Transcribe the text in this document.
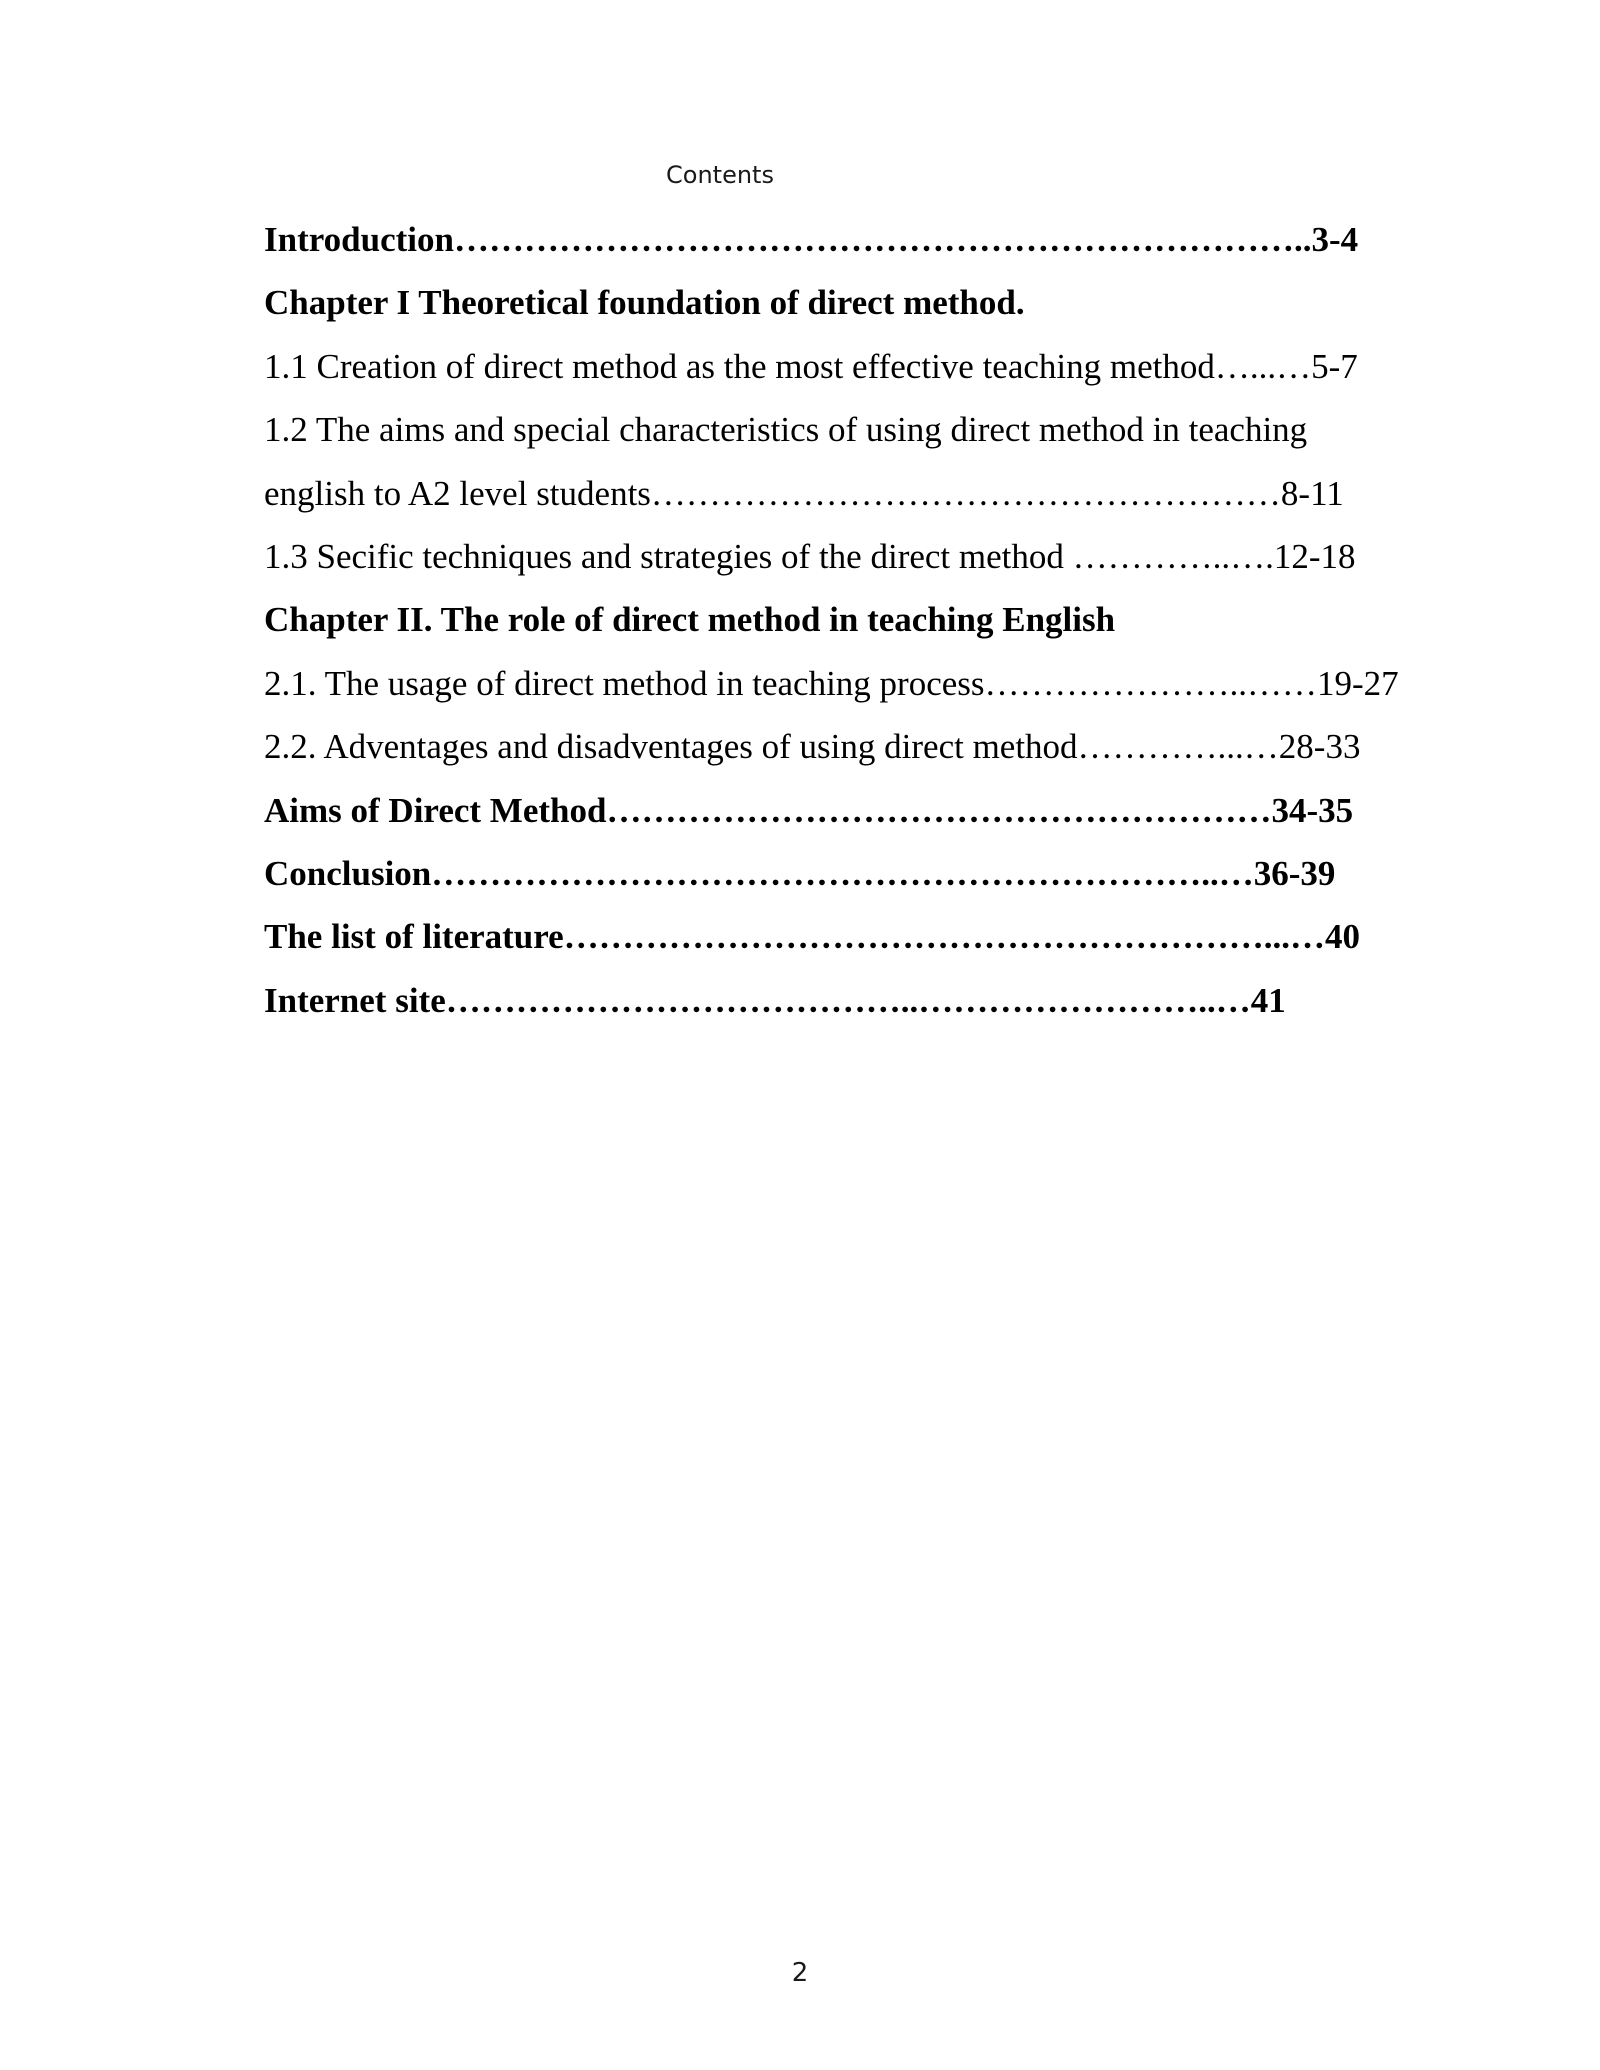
Contents
Introduction………………………………………………………………..3-4
Chapter I Theoretical foundation of direct method.
1.1 Creation of direct method as the most effective teaching method…...…5-7
1.2 The aims and special characteristics of using direct method in teaching
english to A2 level students………………………………………………8-11
1.3 Secific techniques and strategies of the direct method …………..….12-18
Chapter II. The role of direct method in teaching English
2.1. The usage of direct method in teaching process…………………..……19-27
2.2. Adventages and disadventages of using direct method…………...…28-33
Aims of Direct Method…………………………………………………34-35
Conclusion…………………………………………………………..…36-39
The list of literature……………………………………………………...…40
Internet site…………………………………..……………………..…41
2
